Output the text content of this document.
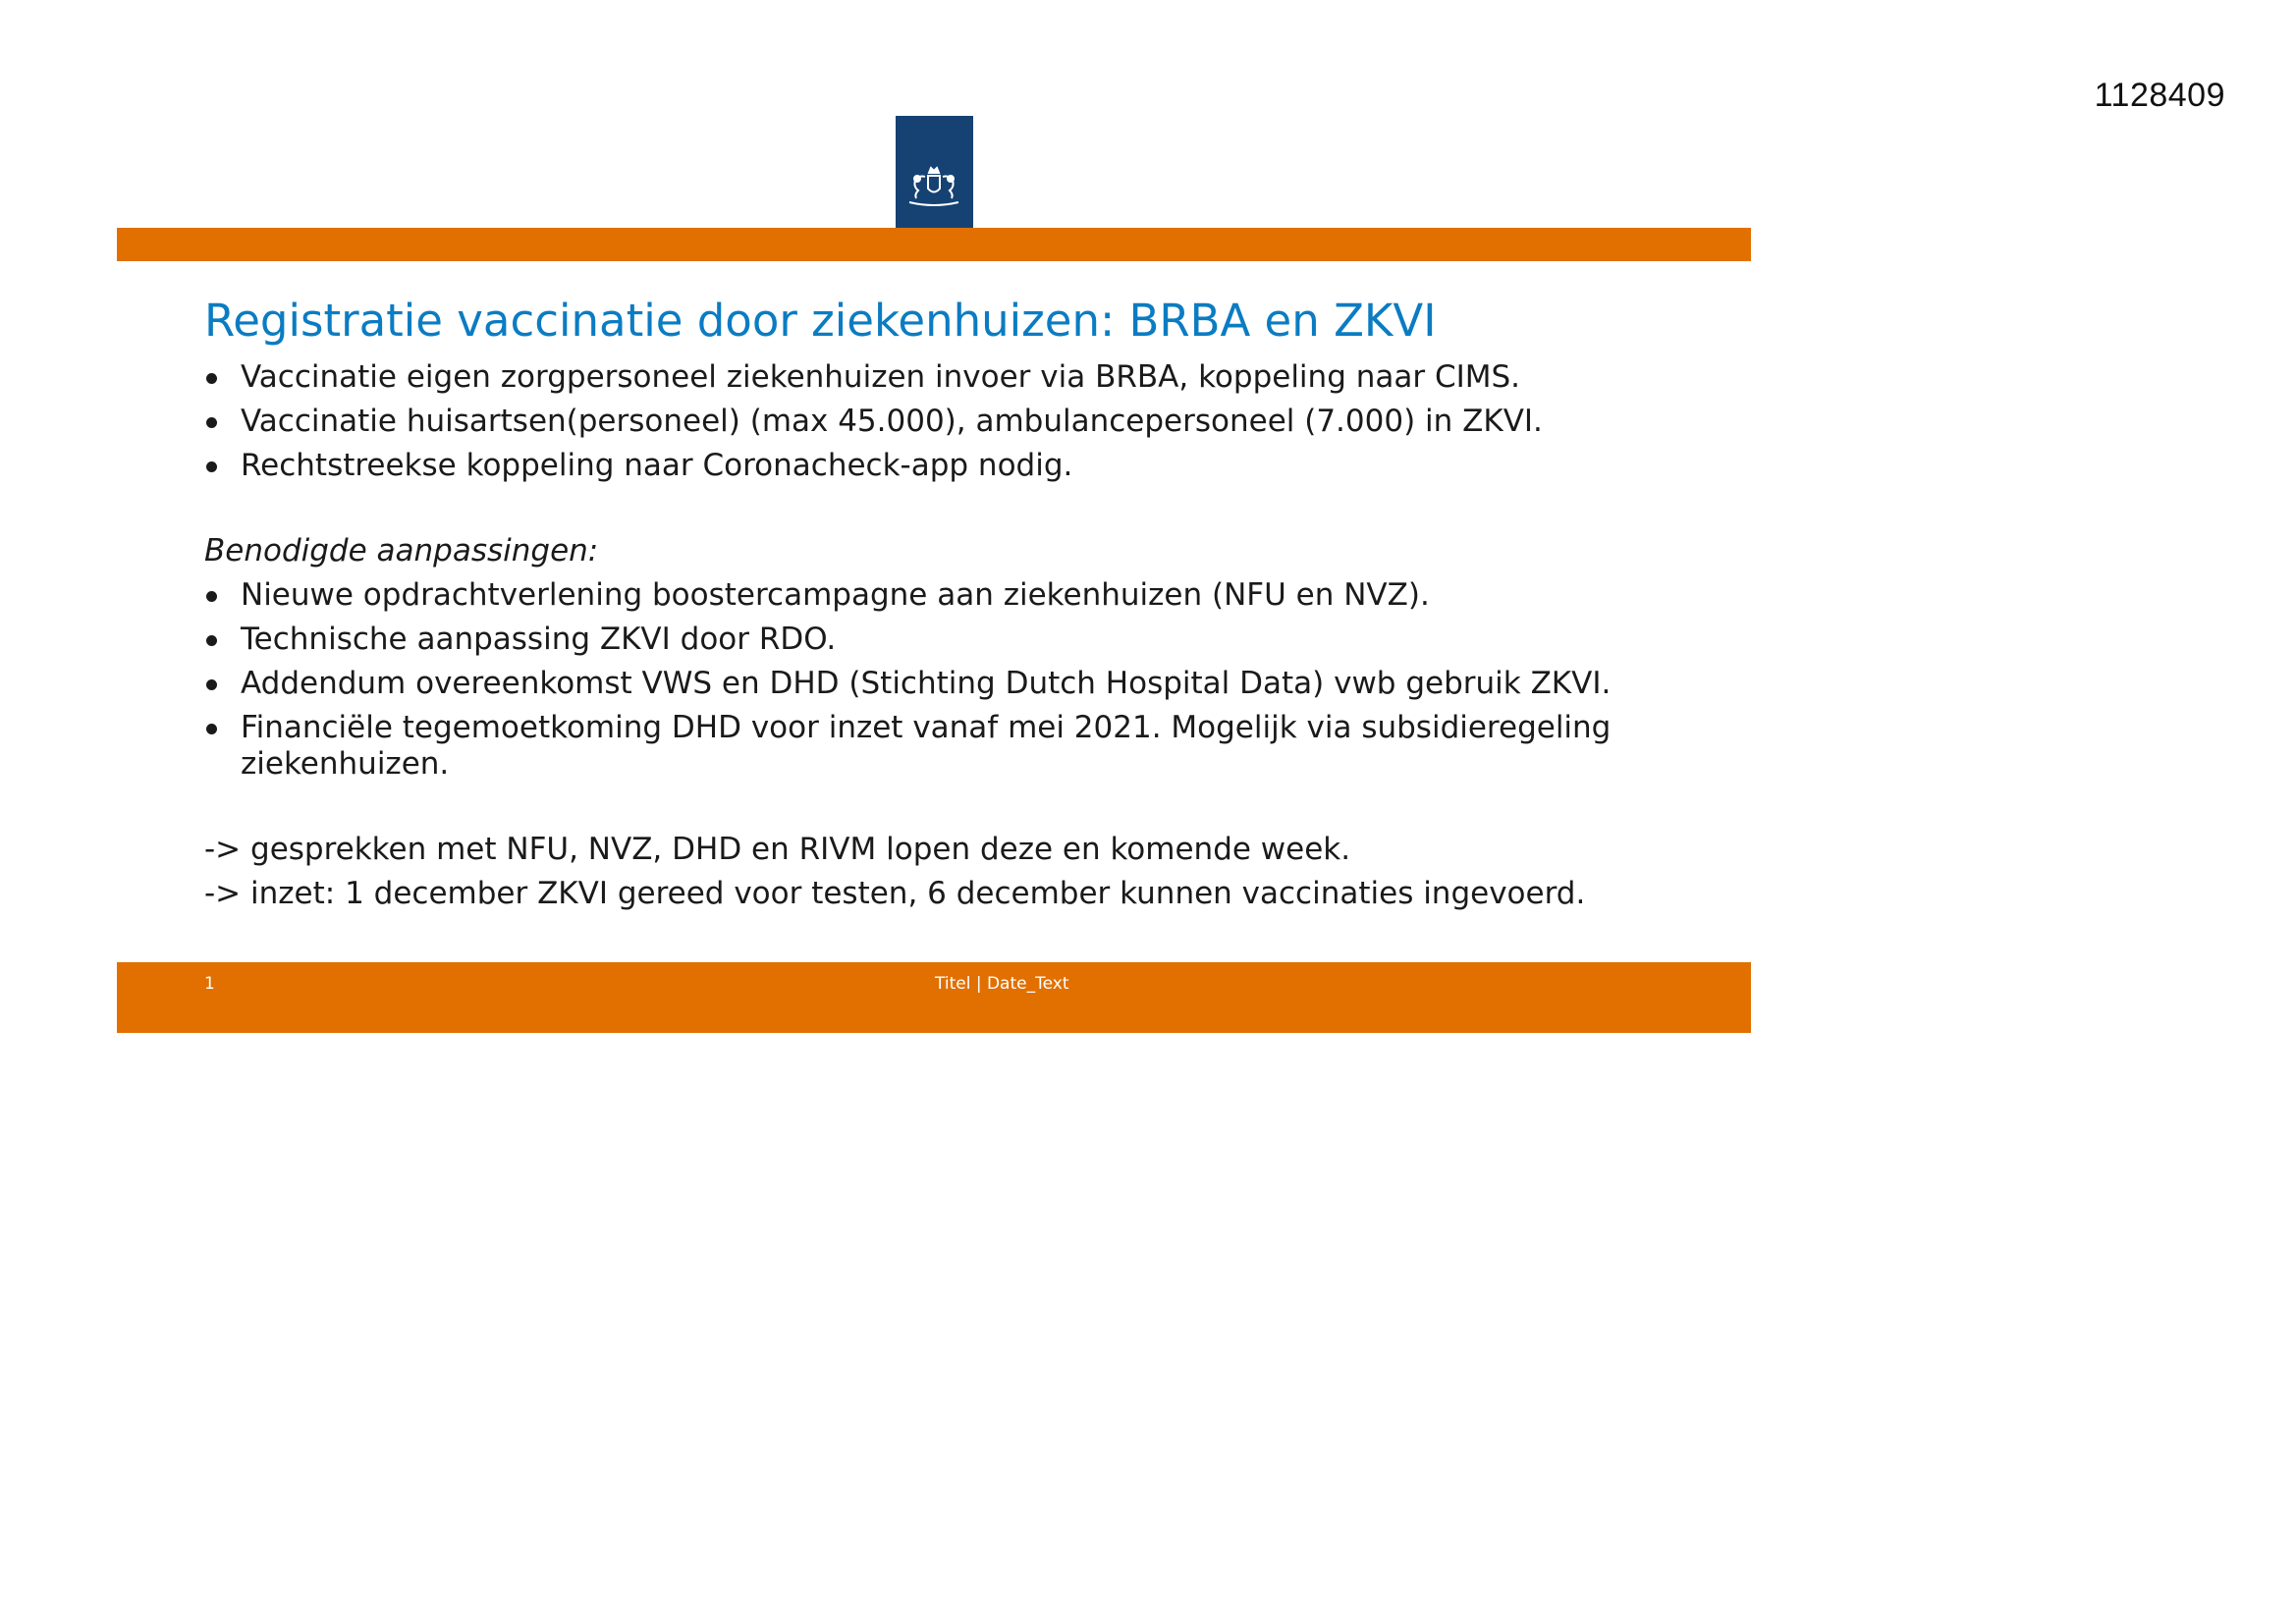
1128409
Registratie vaccinatie door ziekenhuizen: BRBA en ZKVI
Vaccinatie eigen zorgpersoneel ziekenhuizen invoer via BRBA, koppeling naar CIMS.
Vaccinatie huisartsen(personeel) (max 45.000), ambulancepersoneel (7.000) in ZKVI.
Rechtstreekse koppeling naar Coronacheck-app nodig.

Benodigde aanpassingen:

Nieuwe opdrachtverlening boostercampagne aan ziekenhuizen (NFU en NVZ).
Technische aanpassing ZKVI door RDO.
Addendum overeenkomst VWS en DHD (Stichting Dutch Hospital Data) vwb gebruik ZKVI.
Financiële tegemoetkoming DHD voor inzet vanaf mei 2021. Mogelijk via subsidieregeling ziekenhuizen.

-> gesprekken met NFU, NVZ, DHD en RIVM lopen deze en komende week.

-> inzet: 1 december ZKVI gereed voor testen, 6 december kunnen vaccinaties ingevoerd.

1	Titel | Date_Text
